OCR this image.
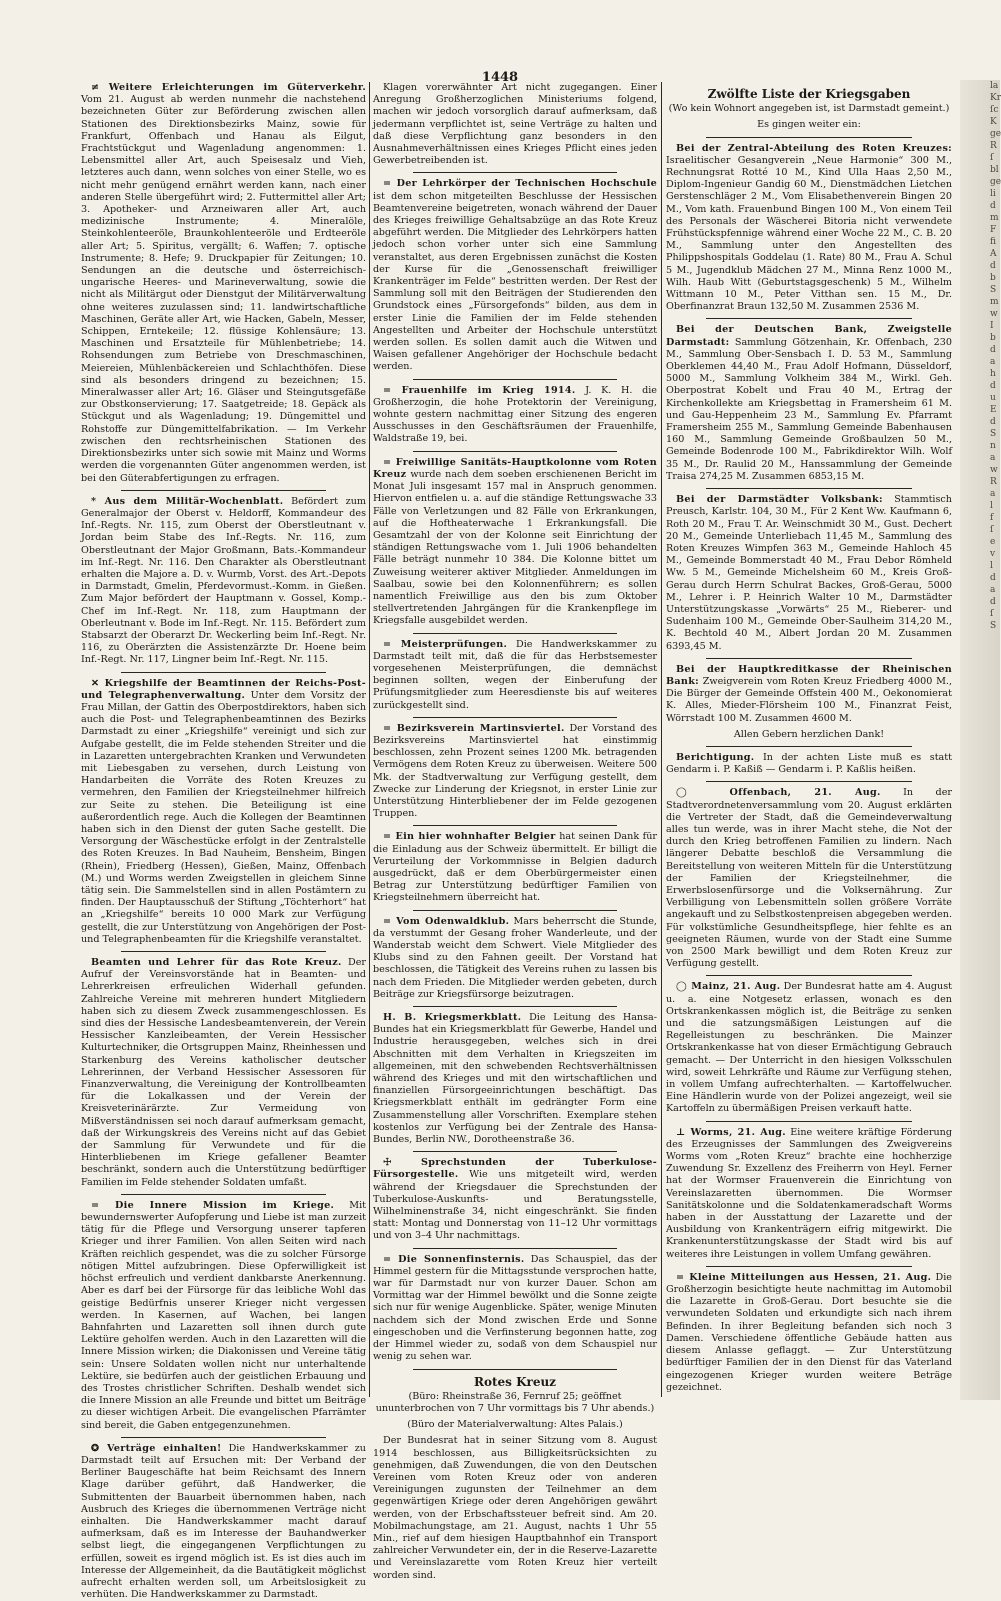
1448

≠ Weitere Erleichterungen im Güterverkehr. Vom 21. August ab werden nunmehr die nachstehend bezeichneten Güter zur Beförderung zwischen allen Stationen des Direktionsbezirks Mainz, sowie für Frankfurt, Offenbach und Hanau als Eilgut, Frachtstückgut und Wagenladung angenommen: 1. Lebensmittel aller Art, auch Speisesalz und Vieh, letzteres auch dann, wenn solches von einer Stelle, wo es nicht mehr genügend ernährt werden kann, nach einer anderen Stelle übergeführt wird; 2. Futtermittel aller Art; 3. Apotheker- und Arzneiwaren aller Art, auch medizinische Instrumente; 4. Mineralöle, Steinkohlenteeröle, Braunkohlenteeröle und Erdteeröle aller Art; 5. Spiritus, vergällt; 6. Waffen; 7. optische Instrumente; 8. Hefe; 9. Druckpapier für Zeitungen; 10. Sendungen an die deutsche und österreichisch-ungarische Heeres- und Marineverwaltung, sowie die nicht als Militärgut oder Dienstgut der Militärverwaltung ohne weiteres zuzulassen sind; 11. landwirtschaftliche Maschinen, Geräte aller Art, wie Hacken, Gabeln, Messer, Schippen, Erntekeile; 12. flüssige Kohlensäure; 13. Maschinen und Ersatzteile für Mühlenbetriebe; 14. Rohsendungen zum Betriebe von Dreschmaschinen, Meiereien, Mühlenbäckereien und Schlachthöfen. Diese sind als besonders dringend zu bezeichnen; 15. Mineralwasser aller Art; 16. Gläser und Steingutsgefäße zur Obstkonservierung; 17. Saatgetreide; 18. Gepäck als Stückgut und als Wagenladung; 19. Düngemittel und Rohstoffe zur Düngemittelfabrikation. — Im Verkehr zwischen den rechtsrheinischen Stationen des Direktionsbezirks unter sich sowie mit Mainz und Worms werden die vorgenannten Güter angenommen werden, ist bei den Güterabfertigungen zu erfragen.

* Aus dem Militär-Wochenblatt. Befördert zum Generalmajor der Oberst v. Heldorff, Kommandeur des Inf.-Regts. Nr. 115, zum Oberst der Oberstleutnant v. Jordan beim Stabe des Inf.-Regts. Nr. 116, zum Oberstleutnant der Major Großmann, Bats.-Kommandeur im Inf.-Regt. Nr. 116. Den Charakter als Oberstleutnant erhalten die Majore a. D. v. Wurmb, Vorst. des Art.-Depots in Darmstadt, Gmelin, Pferdevormust.-Komm. in Gießen. Zum Major befördert der Hauptmann v. Gossel, Komp.-Chef im Inf.-Regt. Nr. 118, zum Hauptmann der Oberleutnant v. Bode im Inf.-Regt. Nr. 115. Befördert zum Stabsarzt der Oberarzt Dr. Weckerling beim Inf.-Regt. Nr. 116, zu Oberärzten die Assistenzärzte Dr. Hoene beim Inf.-Regt. Nr. 117, Lingner beim Inf.-Regt. Nr. 115.

✕ Kriegshilfe der Beamtinnen der Reichs-Post- und Telegraphenverwaltung. Unter dem Vorsitz der Frau Millan, der Gattin des Oberpostdirektors, haben sich auch die Post- und Telegraphenbeamtinnen des Bezirks Darmstadt zu einer „Kriegshilfe“ vereinigt und sich zur Aufgabe gestellt, die im Felde stehenden Streiter und die in Lazaretten untergebrachten Kranken und Verwundeten mit Liebesgaben zu versehen, durch Leistung von Handarbeiten die Vorräte des Roten Kreuzes zu vermehren, den Familien der Kriegsteilnehmer hilfreich zur Seite zu stehen. Die Beteiligung ist eine außerordentlich rege. Auch die Kollegen der Beamtinnen haben sich in den Dienst der guten Sache gestellt. Die Versorgung der Wäschestücke erfolgt in der Zentralstelle des Roten Kreuzes. In Bad Nauheim, Bensheim, Bingen (Rhein), Friedberg (Hessen), Gießen, Mainz, Offenbach (M.) und Worms werden Zweigstellen in gleichem Sinne tätig sein. Die Sammelstellen sind in allen Postämtern zu finden. Der Hauptausschuß der Stiftung „Töchterhort“ hat an „Kriegshilfe“ bereits 10 000 Mark zur Verfügung gestellt, die zur Unterstützung von Angehörigen der Post- und Telegraphenbeamten für die Kriegshilfe veranstaltet.

Beamten und Lehrer für das Rote Kreuz. Der Aufruf der Vereinsvorstände hat in Beamten- und Lehrerkreisen erfreulichen Widerhall gefunden. Zahlreiche Vereine mit mehreren hundert Mitgliedern haben sich zu diesem Zweck zusammengeschlossen. Es sind dies der Hessische Landesbeamtenverein, der Verein Hessischer Kanzleibeamten, der Verein Hessischer Kulturtechniker, die Ortsgruppen Mainz, Rheinhessen und Starkenburg des Vereins katholischer deutscher Lehrerinnen, der Verband Hessischer Assessoren für Finanzverwaltung, die Vereinigung der Kontrollbeamten für die Lokalkassen und der Verein der Kreisveterinärärzte. Zur Vermeidung von Mißverständnissen sei noch darauf aufmerksam gemacht, daß der Wirkungskreis des Vereins nicht auf das Gebiet der Sammlung für Verwundete und für die Hinterbliebenen im Kriege gefallener Beamter beschränkt, sondern auch die Unterstützung bedürftiger Familien im Felde stehender Soldaten umfaßt.

= Die Innere Mission im Kriege. Mit bewundernswerter Aufopferung und Liebe ist man zurzeit tätig für die Pflege und Versorgung unserer tapferen Krieger und ihrer Familien. Von allen Seiten wird nach Kräften reichlich gespendet, was die zu solcher Fürsorge nötigen Mittel aufzubringen. Diese Opferwilligkeit ist höchst erfreulich und verdient dankbarste Anerkennung. Aber es darf bei der Fürsorge für das leibliche Wohl das geistige Bedürfnis unserer Krieger nicht vergessen werden. In Kasernen, auf Wachen, bei langen Bahnfahrten und Lazaretten soll ihnen durch gute Lektüre geholfen werden. Auch in den Lazaretten will die Innere Mission wirken; die Diakonissen und Vereine tätig sein: Unsere Soldaten wollen nicht nur unterhaltende Lektüre, sie bedürfen auch der geistlichen Erbauung und des Trostes christlicher Schriften. Deshalb wendet sich die Innere Mission an alle Freunde und bittet um Beiträge zu dieser wichtigen Arbeit. Die evangelischen Pfarrämter sind bereit, die Gaben entgegenzunehmen.

✪ Verträge einhalten! Die Handwerkskammer zu Darmstadt teilt auf Ersuchen mit: Der Verband der Berliner Baugeschäfte hat beim Reichsamt des Innern Klage darüber geführt, daß Handwerker, die Submittenten der Bauarbeit übernommen haben, nach Ausbruch des Krieges die übernommenen Verträge nicht einhalten. Die Handwerkskammer macht darauf aufmerksam, daß es im Interesse der Bauhandwerker selbst liegt, die eingegangenen Verpflichtungen zu erfüllen, soweit es irgend möglich ist. Es ist dies auch im Interesse der Allgemeinheit, da die Bautätigkeit möglichst aufrecht erhalten werden soll, um Arbeitslosigkeit zu verhüten. Die Handwerkskammer zu Darmstadt.

Klagen vorerwähnter Art nicht zugegangen. Einer Anregung Großherzoglichen Ministeriums folgend, machen wir jedoch vorsorglich darauf aufmerksam, daß jedermann verpflichtet ist, seine Verträge zu halten und daß diese Verpflichtung ganz besonders in den Ausnahmeverhältnissen eines Krieges Pflicht eines jeden Gewerbetreibenden ist.

= Der Lehrkörper der Technischen Hochschule ist dem schon mitgeteilten Beschlusse der Hessischen Beamtenvereine beigetreten, wonach während der Dauer des Krieges freiwillige Gehaltsabzüge an das Rote Kreuz abgeführt werden. Die Mitglieder des Lehrkörpers hatten jedoch schon vorher unter sich eine Sammlung veranstaltet, aus deren Ergebnissen zunächst die Kosten der Kurse für die „Genossenschaft freiwilliger Krankenträger im Felde“ bestritten werden. Der Rest der Sammlung soll mit den Beiträgen der Studierenden den Grundstock eines „Fürsorgefonds“ bilden, aus dem in erster Linie die Familien der im Felde stehenden Angestellten und Arbeiter der Hochschule unterstützt werden sollen. Es sollen damit auch die Witwen und Waisen gefallener Angehöriger der Hochschule bedacht werden.

= Frauenhilfe im Krieg 1914. J. K. H. die Großherzogin, die hohe Protektorin der Vereinigung, wohnte gestern nachmittag einer Sitzung des engeren Ausschusses in den Geschäftsräumen der Frauenhilfe, Waldstraße 19, bei.

= Freiwillige Sanitäts-Hauptkolonne vom Roten Kreuz wurde nach dem soeben erschienenen Bericht im Monat Juli insgesamt 157 mal in Anspruch genommen. Hiervon entfielen u. a. auf die ständige Rettungswache 33 Fälle von Verletzungen und 82 Fälle von Erkrankungen, auf die Hoftheaterwache 1 Erkrankungsfall. Die Gesamtzahl der von der Kolonne seit Einrichtung der ständigen Rettungswache vom 1. Juli 1906 behandelten Fälle beträgt nunmehr 10 384. Die Kolonne bittet um Zuweisung weiterer aktiver Mitglieder. Anmeldungen im Saalbau, sowie bei den Kolonnenführern; es sollen namentlich Freiwillige aus den bis zum Oktober stellvertretenden Jahrgängen für die Krankenpflege im Kriegsfalle ausgebildet werden.

= Meisterprüfungen. Die Handwerkskammer zu Darmstadt teilt mit, daß die für das Herbstsemester vorgesehenen Meisterprüfungen, die demnächst beginnen sollten, wegen der Einberufung der Prüfungsmitglieder zum Heeresdienste bis auf weiteres zurückgestellt sind.

= Bezirksverein Martinsviertel. Der Vorstand des Bezirksvereins Martinsviertel hat einstimmig beschlossen, zehn Prozent seines 1200 Mk. betragenden Vermögens dem Roten Kreuz zu überweisen. Weitere 500 Mk. der Stadtverwaltung zur Verfügung gestellt, dem Zwecke zur Linderung der Kriegsnot, in erster Linie zur Unterstützung Hinterbliebener der im Felde gezogenen Truppen.

= Ein hier wohnhafter Belgier hat seinen Dank für die Einladung aus der Schweiz übermittelt. Er billigt die Verurteilung der Vorkommnisse in Belgien dadurch ausgedrückt, daß er dem Oberbürgermeister einen Betrag zur Unterstützung bedürftiger Familien von Kriegsteilnehmern überreicht hat.

= Vom Odenwaldklub. Mars beherrscht die Stunde, da verstummt der Gesang froher Wanderleute, und der Wanderstab weicht dem Schwert. Viele Mitglieder des Klubs sind zu den Fahnen geeilt. Der Vorstand hat beschlossen, die Tätigkeit des Vereins ruhen zu lassen bis nach dem Frieden. Die Mitglieder werden gebeten, durch Beiträge zur Kriegsfürsorge beizutragen.

H. B. Kriegsmerkblatt. Die Leitung des Hansa-Bundes hat ein Kriegsmerkblatt für Gewerbe, Handel und Industrie herausgegeben, welches sich in drei Abschnitten mit dem Verhalten in Kriegszeiten im allgemeinen, mit den schwebenden Rechtsverhältnissen während des Krieges und mit den wirtschaftlichen und finanziellen Fürsorgeeinrichtungen beschäftigt. Das Kriegsmerkblatt enthält im gedrängter Form eine Zusammenstellung aller Vorschriften. Exemplare stehen kostenlos zur Verfügung bei der Zentrale des Hansa-Bundes, Berlin NW., Dorotheenstraße 36.

☩ Sprechstunden der Tuberkulose-Fürsorgestelle. Wie uns mitgeteilt wird, werden während der Kriegsdauer die Sprechstunden der Tuberkulose-Auskunfts- und Beratungsstelle, Wilhelminenstraße 34, nicht eingeschränkt. Sie finden statt: Montag und Donnerstag von 11–12 Uhr vormittags und von 3–4 Uhr nachmittags.

= Die Sonnenfinsternis. Das Schauspiel, das der Himmel gestern für die Mittagsstunde versprochen hatte, war für Darmstadt nur von kurzer Dauer. Schon am Vormittag war der Himmel bewölkt und die Sonne zeigte sich nur für wenige Augenblicke. Später, wenige Minuten nachdem sich der Mond zwischen Erde und Sonne eingeschoben und die Verfinsterung begonnen hatte, zog der Himmel wieder zu, sodaß von dem Schauspiel nur wenig zu sehen war.

Rotes Kreuz

(Büro: Rheinstraße 36, Fernruf 25; geöffnet ununterbrochen von 7 Uhr vormittags bis 7 Uhr abends.)

(Büro der Materialverwaltung: Altes Palais.)

Der Bundesrat hat in seiner Sitzung vom 8. August 1914 beschlossen, aus Billigkeitsrücksichten zu genehmigen, daß Zuwendungen, die von den Deutschen Vereinen vom Roten Kreuz oder von anderen Vereinigungen zugunsten der Teilnehmer an dem gegenwärtigen Kriege oder deren Angehörigen gewährt werden, von der Erbschaftssteuer befreit sind. Am 20. Mobilmachungstage, am 21. August, nachts 1 Uhr 55 Min., rief auf dem hiesigen Hauptbahnhof ein Transport zahlreicher Verwundeter ein, der in die Reserve-Lazarette und Vereinslazarette vom Roten Kreuz hier verteilt worden sind.

Zwölfte Liste der Kriegsgaben

(Wo kein Wohnort angegeben ist, ist Darmstadt gemeint.)

Es gingen weiter ein:

Bei der Zentral-Abteilung des Roten Kreuzes: Israelitischer Gesangverein „Neue Harmonie“ 300 M., Rechnungsrat Rotté 10 M., Kind Ulla Haas 2,50 M., Diplom-Ingenieur Gandig 60 M., Dienstmädchen Lietchen Gerstenschläger 2 M., Vom Elisabethenverein Bingen 20 M., Vom kath. Frauenbund Bingen 100 M., Von einem Teil des Personals der Wäscherei Bitoria nicht verwendete Frühstückspfennige während einer Woche 22 M., C. B. 20 M., Sammlung unter den Angestellten des Philippshospitals Goddelau (1. Rate) 80 M., Frau A. Schul 5 M., Jugendklub Mädchen 27 M., Minna Renz 1000 M., Wilh. Haub Witt (Geburtstagsgeschenk) 5 M., Wilhelm Wittmann 10 M., Peter Vitthan sen. 15 M., Dr. Oberfinanzrat Braun 132,50 M. Zusammen 2536 M.

Bei der Deutschen Bank, Zweigstelle Darmstadt: Sammlung Götzenhain, Kr. Offenbach, 230 M., Sammlung Ober-Sensbach I. D. 53 M., Sammlung Oberklemen 44,40 M., Frau Adolf Hofmann, Düsseldorf, 5000 M., Sammlung Volkheim 384 M., Wirkl. Geh. Oberpostrat Kobelt und Frau 40 M., Ertrag der Kirchenkollekte am Kriegsbettag in Framersheim 61 M. und Gau-Heppenheim 23 M., Sammlung Ev. Pfarramt Framersheim 255 M., Sammlung Gemeinde Babenhausen 160 M., Sammlung Gemeinde Großbaulzen 50 M., Gemeinde Bodenrode 100 M., Fabrikdirektor Wilh. Wolf 35 M., Dr. Raulid 20 M., Hanssammlung der Gemeinde Traisa 274,25 M. Zusammen 6853,15 M.

Bei der Darmstädter Volksbank: Stammtisch Preusch, Karlstr. 104, 30 M., Für 2 Kent Ww. Kaufmann 6, Roth 20 M., Frau T. Ar. Weinschmidt 30 M., Gust. Dechert 20 M., Gemeinde Unterliebach 11,45 M., Sammlung des Roten Kreuzes Wimpfen 363 M., Gemeinde Hahloch 45 M., Gemeinde Bommerstadt 40 M., Frau Debor Römheld Ww. 5 M., Gemeinde Michelsheim 60 M., Kreis Groß-Gerau durch Herrn Schulrat Backes, Groß-Gerau, 5000 M., Lehrer i. P. Heinrich Walter 10 M., Darmstädter Unterstützungskasse „Vorwärts“ 25 M., Rieberer- und Sudenhaim 100 M., Gemeinde Ober-Saulheim 314,20 M., K. Bechtold 40 M., Albert Jordan 20 M. Zusammen 6393,45 M.

Bei der Hauptkreditkasse der Rheinischen Bank: Zweigverein vom Roten Kreuz Friedberg 4000 M., Die Bürger der Gemeinde Offstein 400 M., Oekonomierat K. Alles, Mieder-Flörsheim 100 M., Finanzrat Feist, Wörrstadt 100 M. Zusammen 4600 M.

Allen Gebern herzlichen Dank!

Berichtigung. In der achten Liste muß es statt Gendarm i. P. Kaßiß — Gendarm i. P. Kaßlis heißen.

◯ Offenbach, 21. Aug. In der Stadtverordnetenversammlung vom 20. August erklärten die Vertreter der Stadt, daß die Gemeindeverwaltung alles tun werde, was in ihrer Macht stehe, die Not der durch den Krieg betroffenen Familien zu lindern. Nach längerer Debatte beschloß die Versammlung die Bereitstellung von weiteren Mitteln für die Unterstützung der Familien der Kriegsteilnehmer, die Erwerbslosenfürsorge und die Volksernährung. Zur Verbilligung von Lebensmitteln sollen größere Vorräte angekauft und zu Selbstkostenpreisen abgegeben werden. Für volkstümliche Gesundheitspflege, hier fehlte es an geeigneten Räumen, wurde von der Stadt eine Summe von 2500 Mark bewilligt und dem Roten Kreuz zur Verfügung gestellt.

◯ Mainz, 21. Aug. Der Bundesrat hatte am 4. August u. a. eine Notgesetz erlassen, wonach es den Ortskrankenkassen möglich ist, die Beiträge zu senken und die satzungsmäßigen Leistungen auf die Regelleistungen zu beschränken. Die Mainzer Ortskrankenkasse hat von dieser Ermächtigung Gebrauch gemacht. — Der Unterricht in den hiesigen Volksschulen wird, soweit Lehrkräfte und Räume zur Verfügung stehen, in vollem Umfang aufrechterhalten. — Kartoffelwucher. Eine Händlerin wurde von der Polizei angezeigt, weil sie Kartoffeln zu übermäßigen Preisen verkauft hatte.

⊥ Worms, 21. Aug. Eine weitere kräftige Förderung des Erzeugnisses der Sammlungen des Zweigvereins Worms vom „Roten Kreuz“ brachte eine hochherzige Zuwendung Sr. Exzellenz des Freiherrn von Heyl. Ferner hat der Wormser Frauenverein die Einrichtung von Vereinslazaretten übernommen. Die Wormser Sanitätskolonne und die Soldatenkameradschaft Worms haben in der Ausstattung der Lazarette und der Ausbildung von Krankenträgern eifrig mitgewirkt. Die Krankenunterstützungskasse der Stadt wird bis auf weiteres ihre Leistungen in vollem Umfang gewähren.

= Kleine Mitteilungen aus Hessen, 21. Aug. Die Großherzogin besichtigte heute nachmittag im Automobil die Lazarette in Groß-Gerau. Dort besuchte sie die verwundeten Soldaten und erkundigte sich nach ihrem Befinden. In ihrer Begleitung befanden sich noch 3 Damen. Verschiedene öffentliche Gebäude hatten aus diesem Anlasse geflaggt. — Zur Unterstützung bedürftiger Familien der in den Dienst für das Vaterland eingezogenen Krieger wurden weitere Beträge gezeichnet.

la
Kr
ſc
K
ge
R
ſ
bl
ge
li
d
m
F
fi
A
d
b
S
m
w
I
b
d
a
h
d
u
E
d
S
n
a
w
R
a
l
f
ſ
e
v
l
d
a
d
ſ
S
